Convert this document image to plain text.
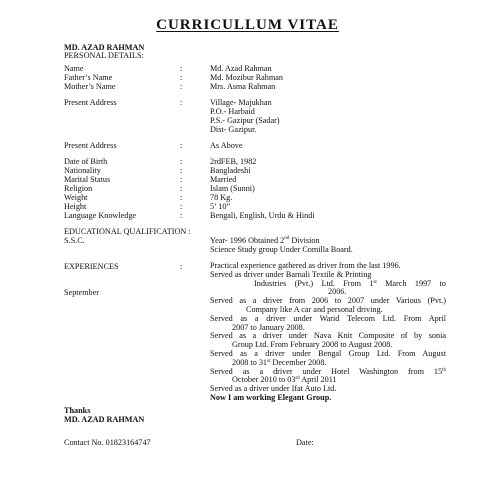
CURRICULLUM VITAE
MD. AZAD RAHMAN
PERSONAL DETAILS:
Name	:	Md. Azad Rahman
Father’s Name	:	Md. Mozibur Rahman
Mother’s Name	:	Mrs. Asma Rahman
Present Address	:	Village- Majukhan
P.O.- Harbaid
P.S.- Gazipur (Sadar)
Dist- Gazipur.
Present Address	:	As Above
Date of Birth	:	2rdFEB, 1982
Nationality	:	Bangladeshi
Marital Status	:	Married
Religion	:	Islam (Sunni)
Weight	:	78 Kg.
Height	:	5’ 10”
Language Knowledge	:	Bengali, English, Urdu & Hindi
EDUCATIONAL QUALIFICATION :
S.S.C.	Year- 1996 Obtained 2nd Division
Science Study group Under Comilla Board.
EXPERIENCES	:
September
Practical experience gathered as driver from the last 1996.
Served as driver under Barnali Textile & Printing
Industries (Pvt.) Ltd. From 1st March 1997 to
2006.
Served as a driver from 2006 to 2007 under Various (Pvt.)
Company like A car and personal driving.
Served as a driver under Warid Telecom Ltd. From April
2007 to January 2008.
Served as a driver under Nava Knit Composite of by sonia
Group Ltd. From February 2008 to August 2008.
Served as a driver under Bengal Group Ltd. From August
2008 to 31st December 2008.
Served as a driver under Hotel Washington from 15th
October 2010 to 03rd April 2011
Served as a driver under Ifat Auto Ltd.
Now I am working Elegant Group.
Thanks
MD. AZAD RAHMAN
Contact No. 01823164747	Date:
